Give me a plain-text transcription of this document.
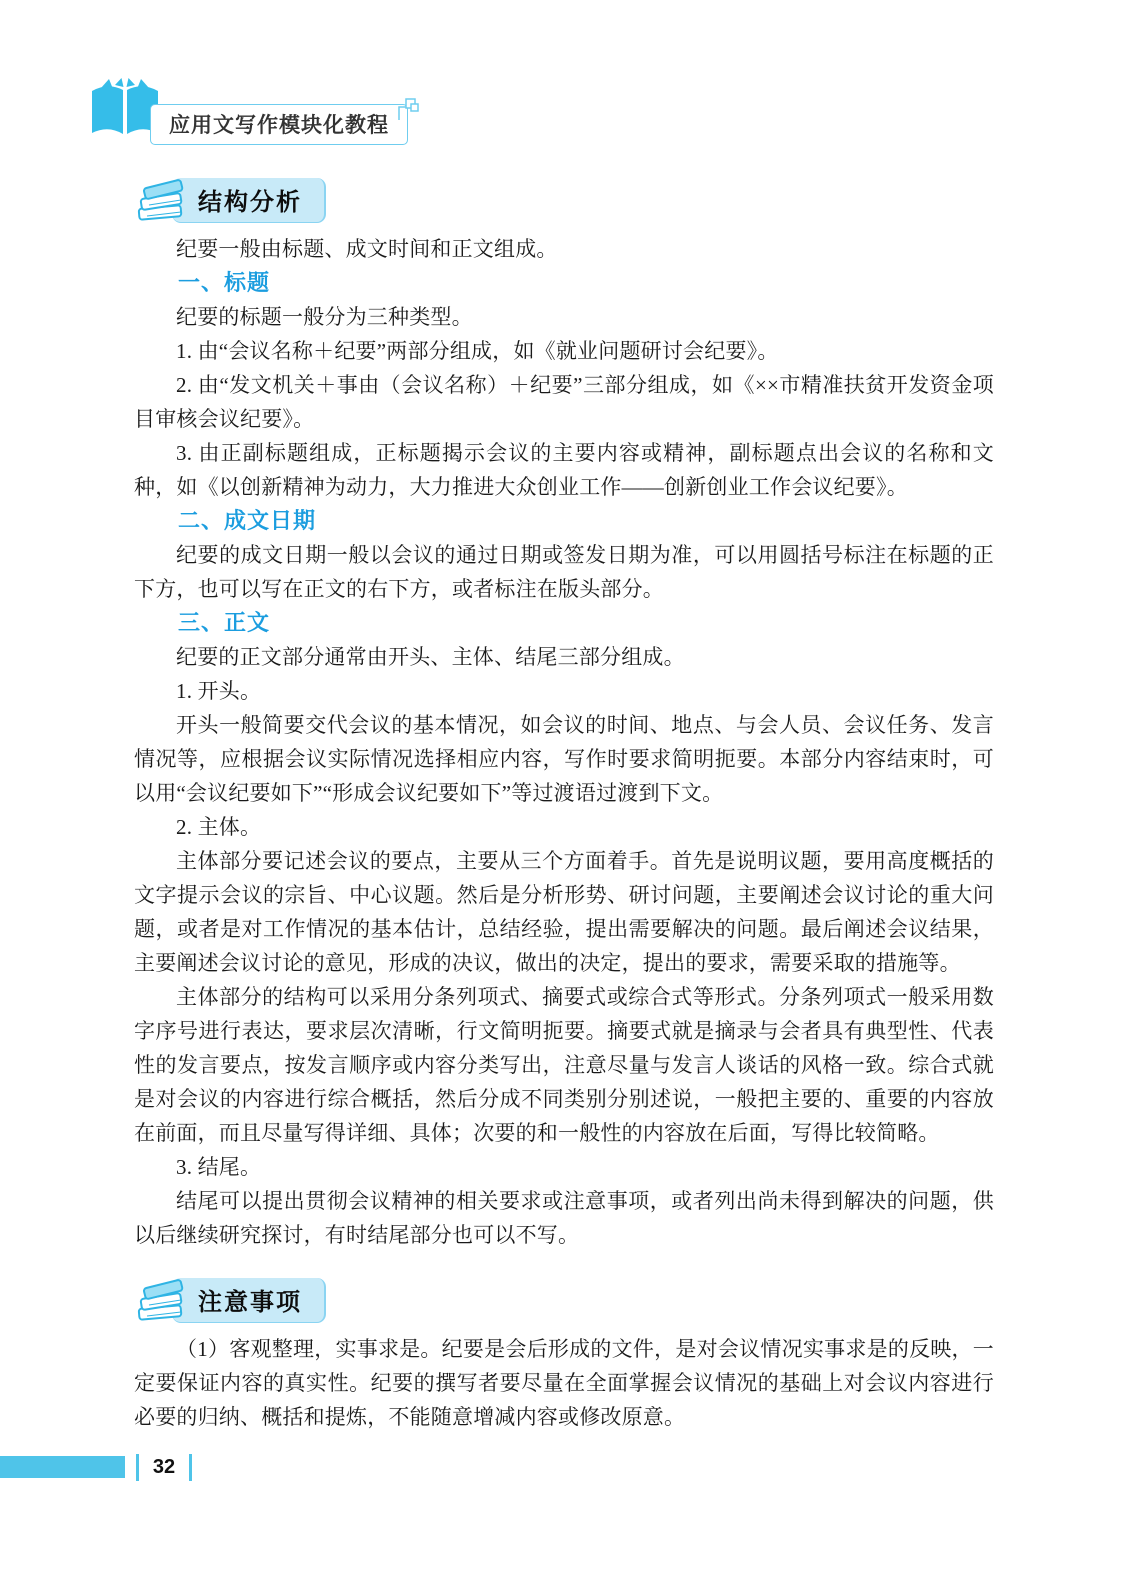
应用文写作模块化教程
结构分析

纪要一般由标题、成文时间和正文组成。

一、标题

纪要的标题一般分为三种类型。

1. 由“会议名称＋纪要”两部分组成，如《就业问题研讨会纪要》。

2. 由“发文机关＋事由（会议名称）＋纪要”三部分组成，如《××市精准扶贫开发资金项目审核会议纪要》。

3. 由正副标题组成，正标题揭示会议的主要内容或精神，副标题点出会议的名称和文种，如《以创新精神为动力，大力推进大众创业工作——创新创业工作会议纪要》。

二、成文日期

纪要的成文日期一般以会议的通过日期或签发日期为准，可以用圆括号标注在标题的正下方，也可以写在正文的右下方，或者标注在版头部分。

三、正文

纪要的正文部分通常由开头、主体、结尾三部分组成。

1. 开头。

开头一般简要交代会议的基本情况，如会议的时间、地点、与会人员、会议任务、发言情况等，应根据会议实际情况选择相应内容，写作时要求简明扼要。本部分内容结束时，可以用“会议纪要如下”“形成会议纪要如下”等过渡语过渡到下文。

2. 主体。

主体部分要记述会议的要点，主要从三个方面着手。首先是说明议题，要用高度概括的文字提示会议的宗旨、中心议题。然后是分析形势、研讨问题，主要阐述会议讨论的重大问题，或者是对工作情况的基本估计，总结经验，提出需要解决的问题。最后阐述会议结果，主要阐述会议讨论的意见，形成的决议，做出的决定，提出的要求，需要采取的措施等。

主体部分的结构可以采用分条列项式、摘要式或综合式等形式。分条列项式一般采用数字序号进行表达，要求层次清晰，行文简明扼要。摘要式就是摘录与会者具有典型性、代表性的发言要点，按发言顺序或内容分类写出，注意尽量与发言人谈话的风格一致。综合式就是对会议的内容进行综合概括，然后分成不同类别分别述说，一般把主要的、重要的内容放在前面，而且尽量写得详细、具体；次要的和一般性的内容放在后面，写得比较简略。

3. 结尾。

结尾可以提出贯彻会议精神的相关要求或注意事项，或者列出尚未得到解决的问题，供以后继续研究探讨，有时结尾部分也可以不写。

注意事项

（1）客观整理，实事求是。纪要是会后形成的文件，是对会议情况实事求是的反映，一定要保证内容的真实性。纪要的撰写者要尽量在全面掌握会议情况的基础上对会议内容进行必要的归纳、概括和提炼，不能随意增减内容或修改原意。

32
